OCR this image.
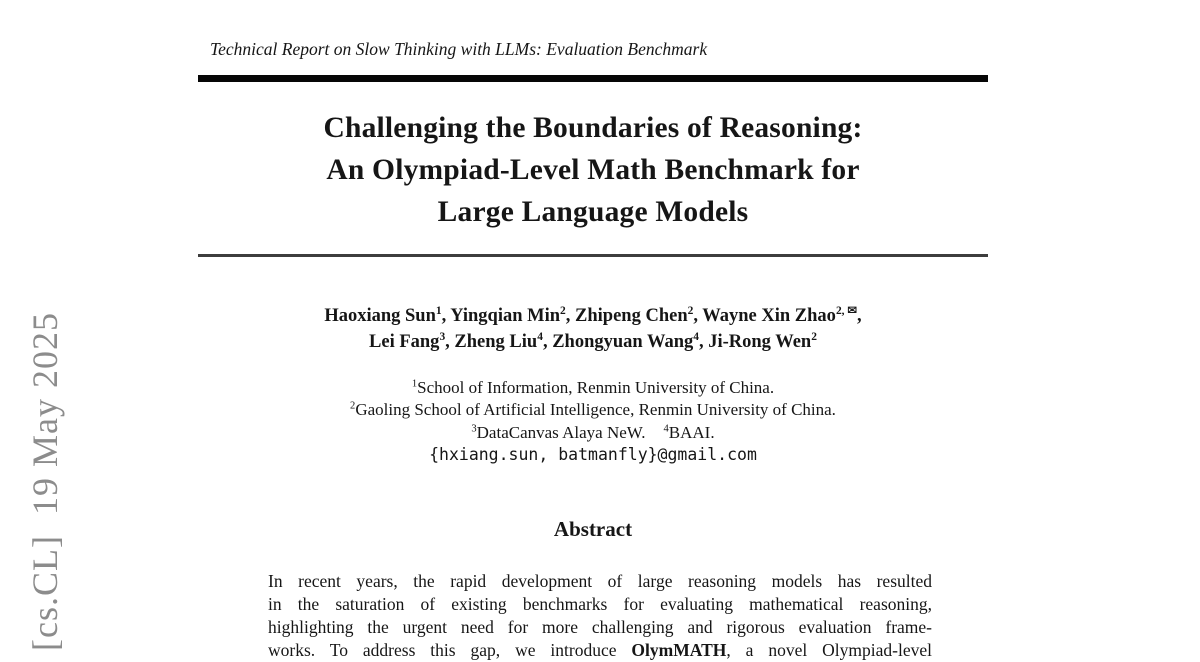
Technical Report on Slow Thinking with LLMs: Evaluation Benchmark
Challenging the Boundaries of Reasoning:
An Olympiad-Level Math Benchmark for
Large Language Models
Haoxiang Sun$^1$, Yingqian Min$^2$, Zhipeng Chen$^2$, Wayne Xin Zhao$^{2, ✉}$,
Lei Fang$^3$, Zheng Liu$^4$, Zhongyuan Wang$^4$, Ji-Rong Wen$^2$
$^1$School of Information, Renmin University of China.
$^2$Gaoling School of Artificial Intelligence, Renmin University of China.
$^3$DataCanvas Alaya NeW. $^4$BAAI.
{hxiang.sun, batmanfly}@gmail.com
Abstract
In recent years, the rapid development of large reasoning models has resulted
in the saturation of existing benchmarks for evaluating mathematical reasoning,
highlighting the urgent need for more challenging and rigorous evaluation frame-
works. To address this gap, we introduce OlymMATH, a novel Olympiad-level
[cs.CL]  19 May 2025
